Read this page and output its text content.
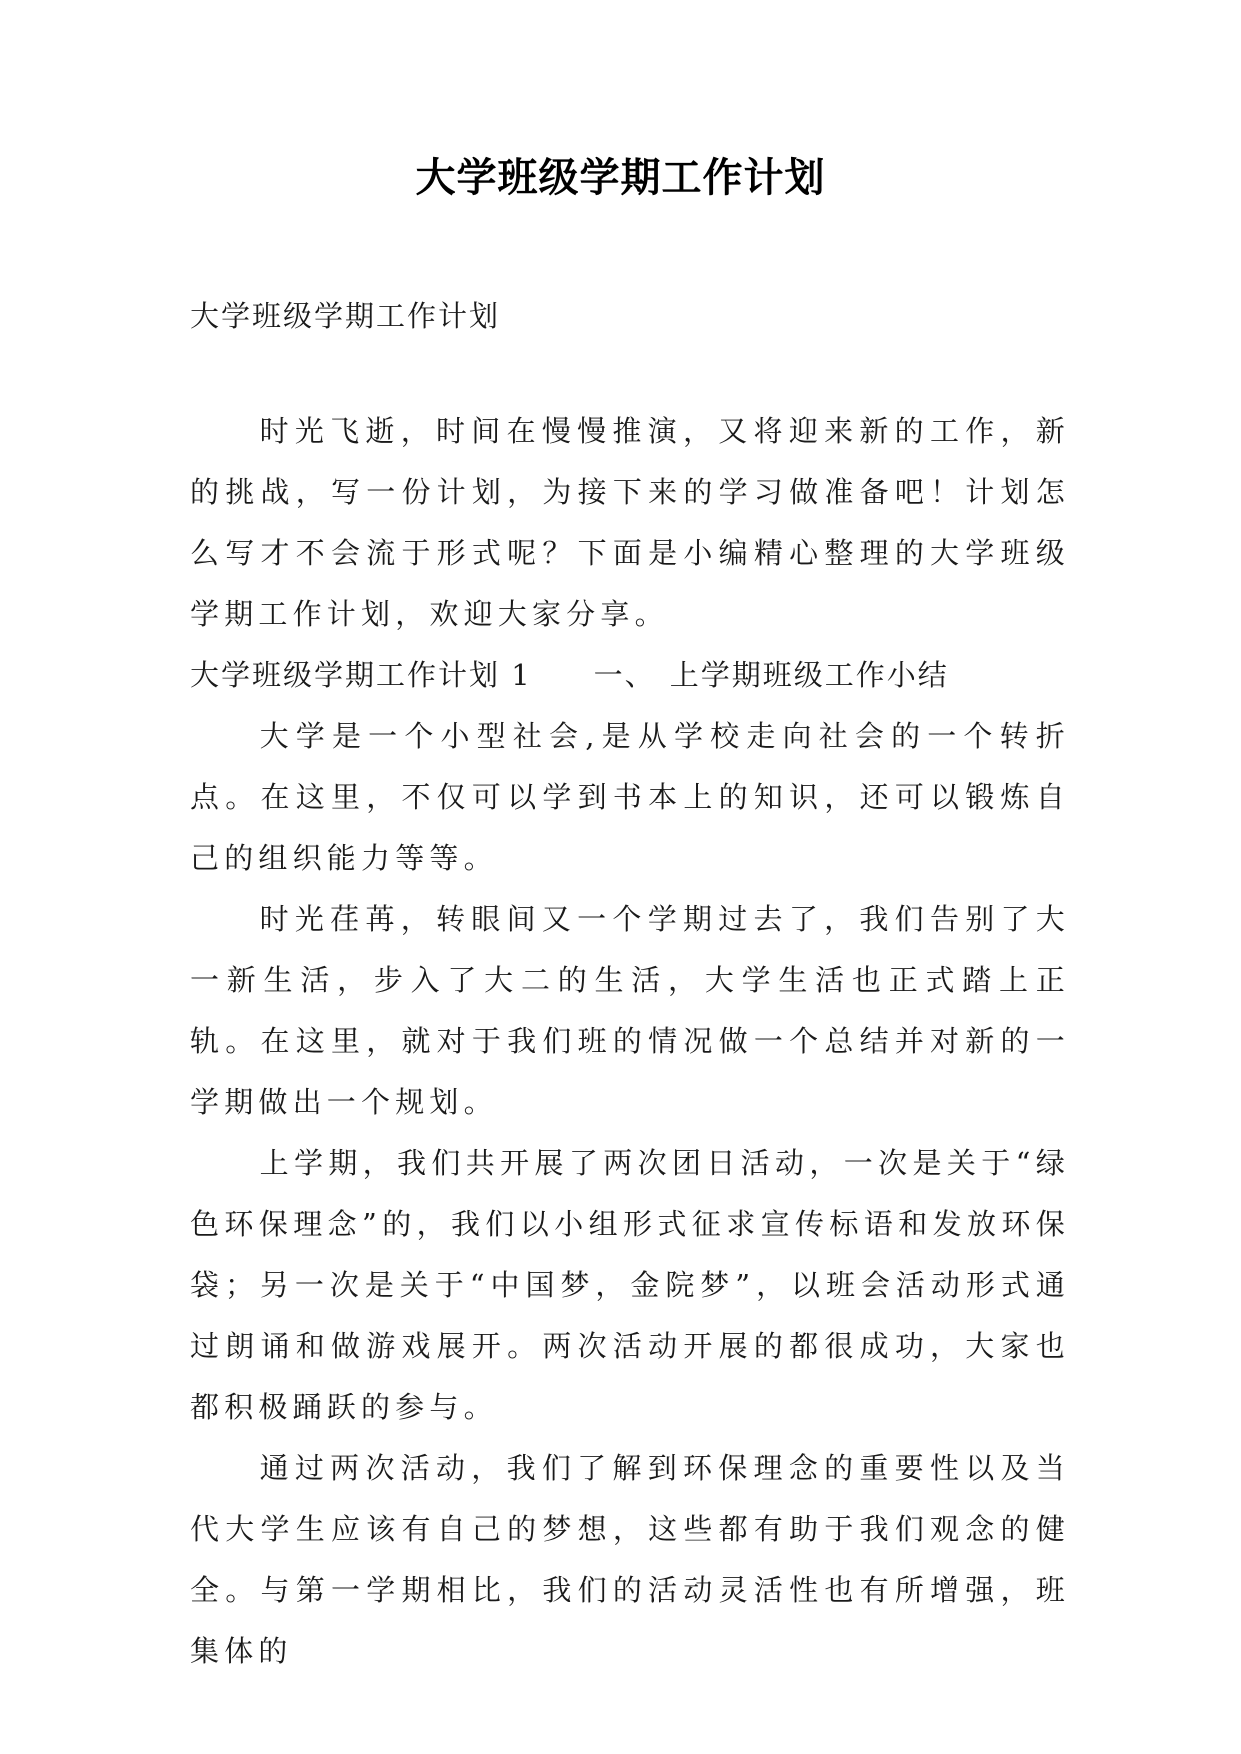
大学班级学期工作计划
大学班级学期工作计划

时光飞逝，时间在慢慢推演，又将迎来新的工作，新的挑战，写一份计划，为接下来的学习做准备吧！计划怎么写才不会流于形式呢？下面是小编精心整理的大学班级学期工作计划，欢迎大家分享。

大学班级学期工作计划 1 一、 上学期班级工作小结

大学是一个小型社会,是从学校走向社会的一个转折点。在这里，不仅可以学到书本上的知识，还可以锻炼自己的组织能力等等。

时光荏苒，转眼间又一个学期过去了，我们告别了大一新生活，步入了大二的生活，大学生活也正式踏上正轨。在这里，就对于我们班的情况做一个总结并对新的一学期做出一个规划。

上学期，我们共开展了两次团日活动，一次是关于“绿色环保理念”的，我们以小组形式征求宣传标语和发放环保袋；另一次是关于“中国梦，金院梦”，以班会活动形式通过朗诵和做游戏展开。两次活动开展的都很成功，大家也都积极踊跃的参与。

通过两次活动，我们了解到环保理念的重要性以及当代大学生应该有自己的梦想，这些都有助于我们观念的健全。与第一学期相比，我们的活动灵活性也有所增强，班集体的
